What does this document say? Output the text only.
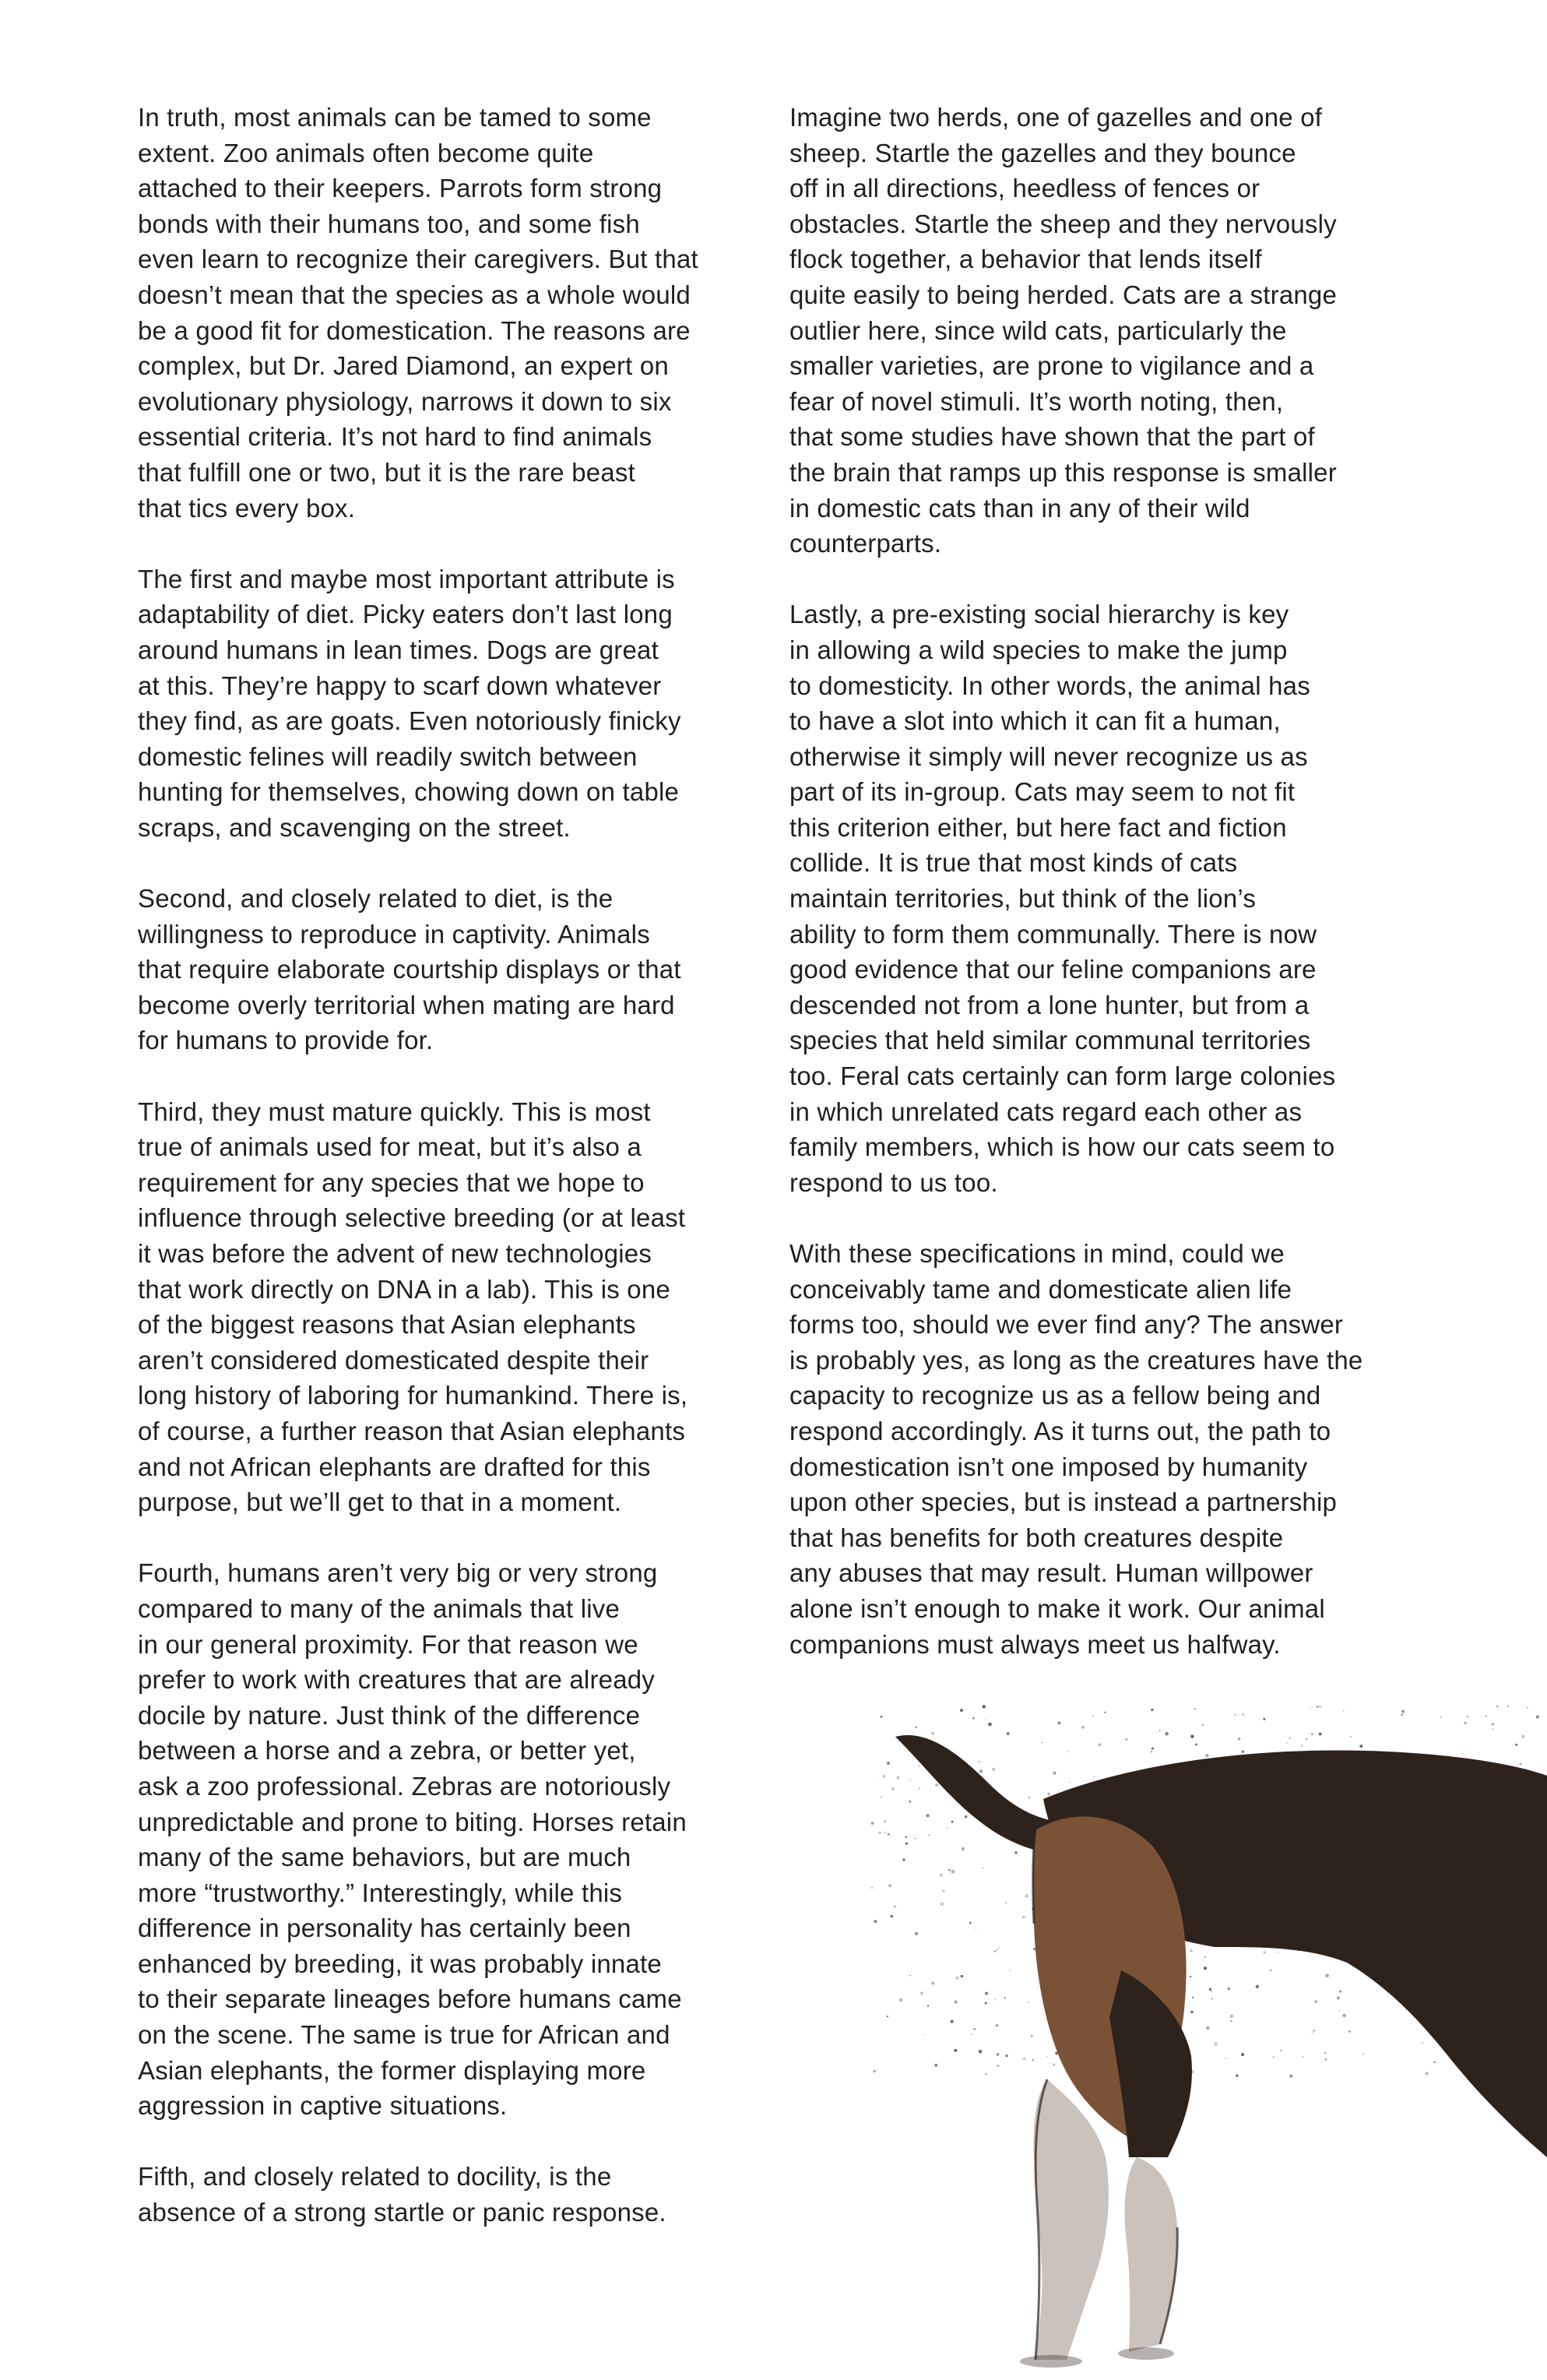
In truth, most animals can be tamed to some
extent. Zoo animals often become quite
attached to their keepers. Parrots form strong
bonds with their humans too, and some fish
even learn to recognize their caregivers. But that
doesn’t mean that the species as a whole would
be a good fit for domestication. The reasons are
complex, but Dr. Jared Diamond, an expert on
evolutionary physiology, narrows it down to six
essential criteria. It’s not hard to find animals
that fulfill one or two, but it is the rare beast
that tics every box.

The first and maybe most important attribute is
adaptability of diet. Picky eaters don’t last long
around humans in lean times. Dogs are great
at this. They’re happy to scarf down whatever
they find, as are goats. Even notoriously finicky
domestic felines will readily switch between
hunting for themselves, chowing down on table
scraps, and scavenging on the street.

Second, and closely related to diet, is the
willingness to reproduce in captivity. Animals
that require elaborate courtship displays or that
become overly territorial when mating are hard
for humans to provide for.

Third, they must mature quickly. This is most
true of animals used for meat, but it’s also a
requirement for any species that we hope to
influence through selective breeding (or at least
it was before the advent of new technologies
that work directly on DNA in a lab). This is one
of the biggest reasons that Asian elephants
aren’t considered domesticated despite their
long history of laboring for humankind. There is,
of course, a further reason that Asian elephants
and not African elephants are drafted for this
purpose, but we’ll get to that in a moment.

Fourth, humans aren’t very big or very strong
compared to many of the animals that live
in our general proximity. For that reason we
prefer to work with creatures that are already
docile by nature. Just think of the difference
between a horse and a zebra, or better yet,
ask a zoo professional. Zebras are notoriously
unpredictable and prone to biting. Horses retain
many of the same behaviors, but are much
more “trustworthy.” Interestingly, while this
difference in personality has certainly been
enhanced by breeding, it was probably innate
to their separate lineages before humans came
on the scene. The same is true for African and
Asian elephants, the former displaying more
aggression in captive situations.

Fifth, and closely related to docility, is the
absence of a strong startle or panic response.

Imagine two herds, one of gazelles and one of
sheep. Startle the gazelles and they bounce
off in all directions, heedless of fences or
obstacles. Startle the sheep and they nervously
flock together, a behavior that lends itself
quite easily to being herded. Cats are a strange
outlier here, since wild cats, particularly the
smaller varieties, are prone to vigilance and a
fear of novel stimuli. It’s worth noting, then,
that some studies have shown that the part of
the brain that ramps up this response is smaller
in domestic cats than in any of their wild
counterparts.

Lastly, a pre-existing social hierarchy is key
in allowing a wild species to make the jump
to domesticity. In other words, the animal has
to have a slot into which it can fit a human,
otherwise it simply will never recognize us as
part of its in-group. Cats may seem to not fit
this criterion either, but here fact and fiction
collide. It is true that most kinds of cats
maintain territories, but think of the lion’s
ability to form them communally. There is now
good evidence that our feline companions are
descended not from a lone hunter, but from a
species that held similar communal territories
too. Feral cats certainly can form large colonies
in which unrelated cats regard each other as
family members, which is how our cats seem to
respond to us too.

With these specifications in mind, could we
conceivably tame and domesticate alien life
forms too, should we ever find any? The answer
is probably yes, as long as the creatures have the
capacity to recognize us as a fellow being and
respond accordingly. As it turns out, the path to
domestication isn’t one imposed by humanity
upon other species, but is instead a partnership
that has benefits for both creatures despite
any abuses that may result. Human willpower
alone isn’t enough to make it work. Our animal
companions must always meet us halfway.
